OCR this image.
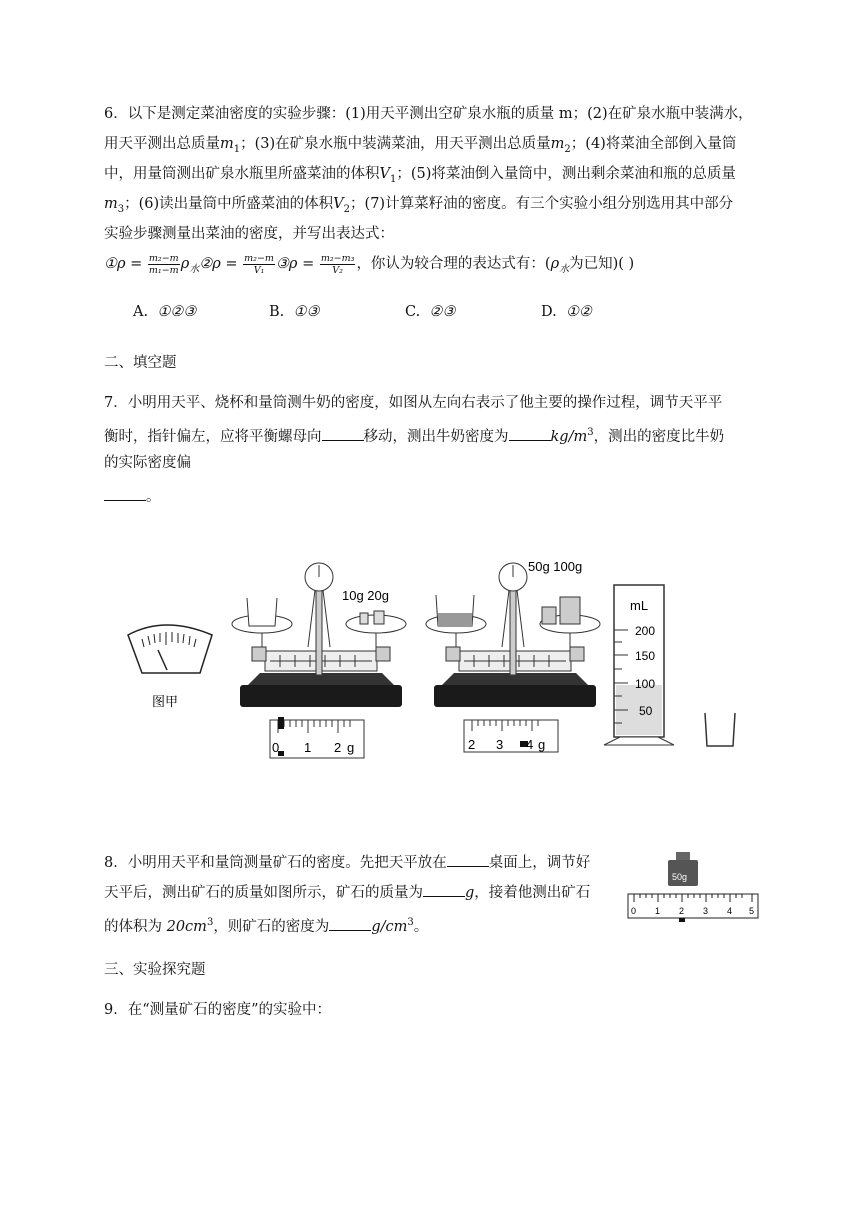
6．以下是测定菜油密度的实验步骤：(1)用天平测出空矿泉水瓶的质量 m；(2)在矿泉水瓶中装满水，
用天平测出总质量$m_1$；(3)在矿泉水瓶中装满菜油，用天平测出总质量$m_2$；(4)将菜油全部倒入量筒
中，用量筒测出矿泉水瓶里所盛菜油的体积$V_1$；(5)将菜油倒入量筒中，测出剩余菜油和瓶的总质量
$m_3$；(6)读出量筒中所盛菜油的体积$V_2$；(7)计算菜籽油的密度。有三个实验小组分别选用其中部分
实验步骤测量出菜油的密度，并写出表达式：
①ρ = $\frac{\text{m₂−m}}{\text{m₁−m}}$ $\rho_水②\rho = \frac{\text{m₂−m}}{\text{V₁}}$ ③ρ = $\frac{\text{m₂−m₃}}{\text{V₂}}$ ，你认为较合理的表达式有：($\rho_水$为已知)( )
A. ①②③	B. ①③	C. ②③	D. ①②
二、填空题
7．小明用天平、烧杯和量筒测牛奶的密度，如图从左向右表示了他主要的操作过程，调节天平平
衡时，指针偏左，应将平衡螺母向	移动，测出牛奶密度为	$kg/m^3$，测出的密度比牛奶
的实际密度偏
。
图甲
10g 20g
0 1 2 g
50g 100g
2 3 4 g
mL
200
150
100
50
8．小明用天平和量筒测量矿石的密度。先把天平放在	桌面上，调节好
天平后，测出矿石的质量如图所示，矿石的质量为	g，接着他测出矿石
的体积为 $20cm^3$，则矿石的密度为	$g/cm^3$。
50g
0 1 2 3 4 5
三、实验探究题
9．在“测量矿石的密度”的实验中：
